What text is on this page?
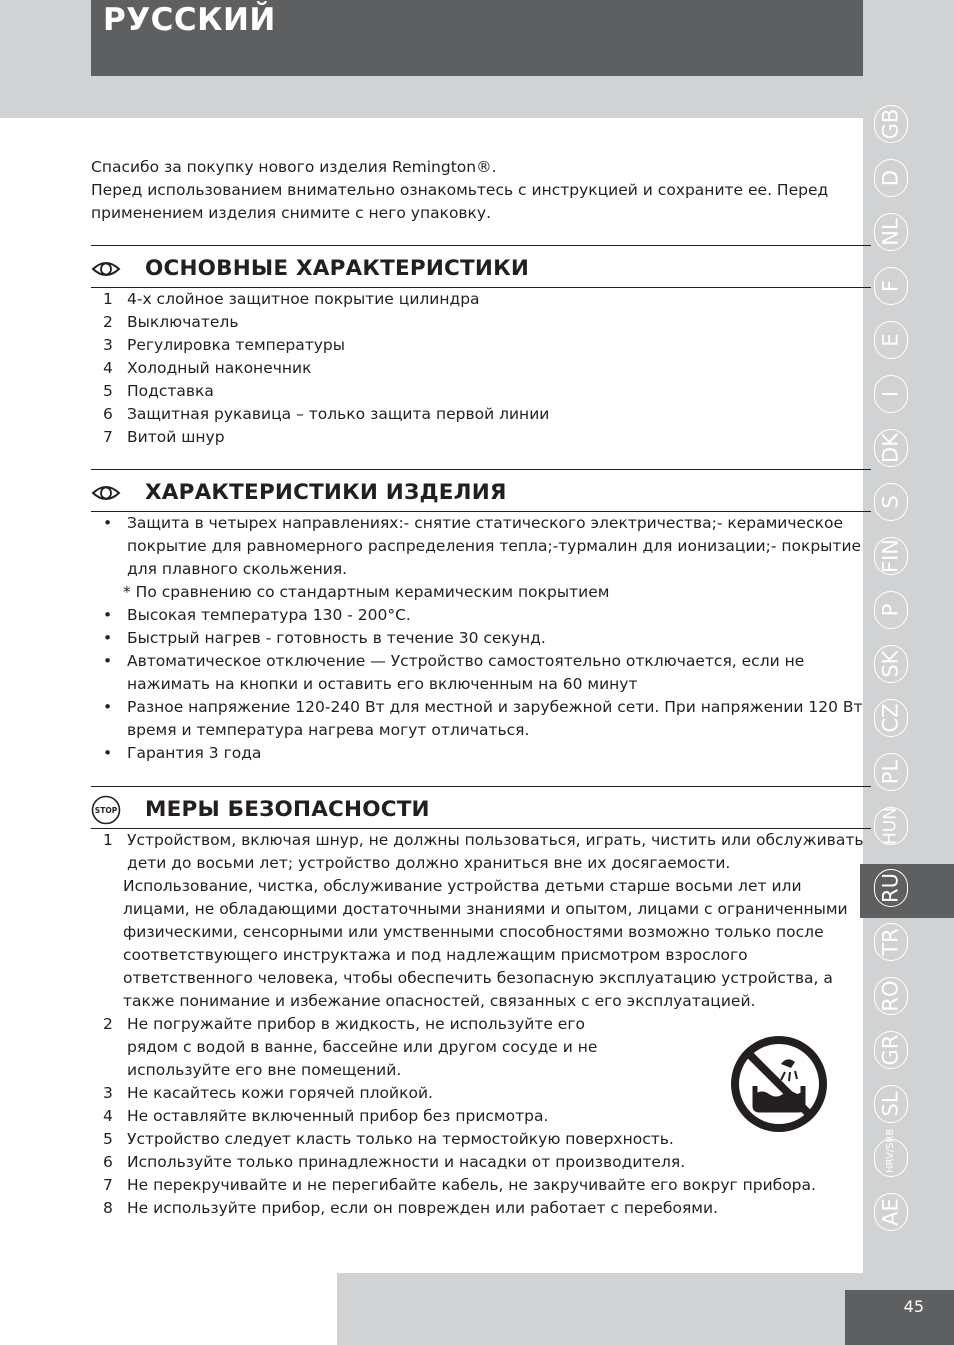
РУССКИЙ
GB
D
NL
F
E
I
DK
S
FIN
P
SK
CZ
PL
HUN
RU
TR
RO
GR
SL
HRV/SRB
AE
Спасибо за покупку нового изделия Remington®.
Перед использованием внимательно ознакомьтесь с инструкцией и сохраните ее. Перед применением изделия снимите с него упаковку.
ОСНОВНЫЕ ХАРАКТЕРИСТИКИ
1 4-х слойное защитное покрытие цилиндра
2 Выключатель
3 Регулировка температуры
4 Холодный наконечник
5 Подставка
6 Защитная рукавица – только защита первой линии
7 Витой шнур
ХАРАКТЕРИСТИКИ ИЗДЕЛИЯ
• Защита в четырех направлениях:- снятие статического электричества;- керамическое покрытие для равномерного распределения тепла;-турмалин для ионизации;- покрытие для плавного скольжения.
* По сравнению со стандартным керамическим покрытием
• Высокая температура 130 - 200°C.
• Быстрый нагрев - готовность в течение 30 секунд.
• Автоматическое отключение — Устройство самостоятельно отключается, если не нажимать на кнопки и оставить его включенным на 60 минут
• Разное напряжение 120-240 Вт для местной и зарубежной сети. При напряжении 120 Вт время и температура нагрева могут отличаться.
• Гарантия 3 года
STOP МЕРЫ БЕЗОПАСНОСТИ
1 Устройством, включая шнур, не должны пользоваться, играть, чистить или обслуживать дети до восьми лет; устройство должно храниться вне их досягаемости.
Использование, чистка, обслуживание устройства детьми старше восьми лет или лицами, не обладающими достаточными знаниями и опытом, лицами с ограниченными физическими, сенсорными или умственными способностями возможно только после соответствующего инструктажа и под надлежащим присмотром взрослого ответственного человека, чтобы обеспечить безопасную эксплуатацию устройства, а также понимание и избежание опасностей, связанных с его эксплуатацией.
2 Не погружайте прибор в жидкость, не используйте его рядом с водой в ванне, бассейне или другом сосуде и не используйте его вне помещений.
3 Не касайтесь кожи горячей плойкой.
4 Не оставляйте включенный прибор без присмотра.
5 Устройство следует класть только на термостойкую поверхность.
6 Используйте только принадлежности и насадки от производителя.
7 Не перекручивайте и не перегибайте кабель, не закручивайте его вокруг прибора.
8 Не используйте прибор, если он поврежден или работает с перебоями.
45
